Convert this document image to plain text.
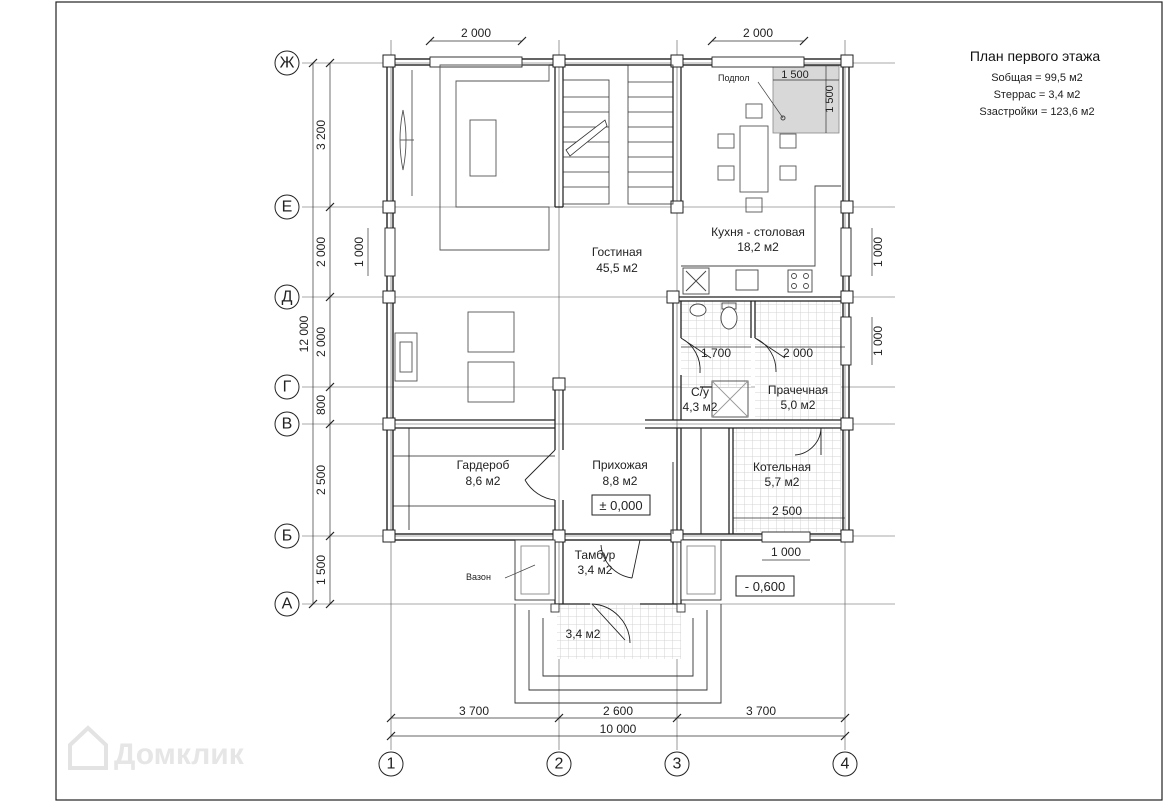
Домклик
± 0,000
- 0,600
Гостиная
45,5 м2
Кухня - столовая
18,2 м2
С/у
4,3 м2
Прачечная
5,0 м2
Гардероб
8,6 м2
Прихожая
8,8 м2
Котельная
5,7 м2
Тамбур
3,4 м2
3,4 м2
Подпол
Вазон
План первого этажа
Sобщая = 99,5 м2
Sтеррас = 3,4 м2
Sзастройки = 123,6 м2
2 000	2 000
1 500
1 500
3 200
2 000
2 000
800
2 500
1 500
12 000
1 000	1 000
1 000
1 700	2 000
2 500
1 000
3 700	2 600	3 700
10 000
Ж
Е
Д
Г
В
Б
А
1	2	3	4
